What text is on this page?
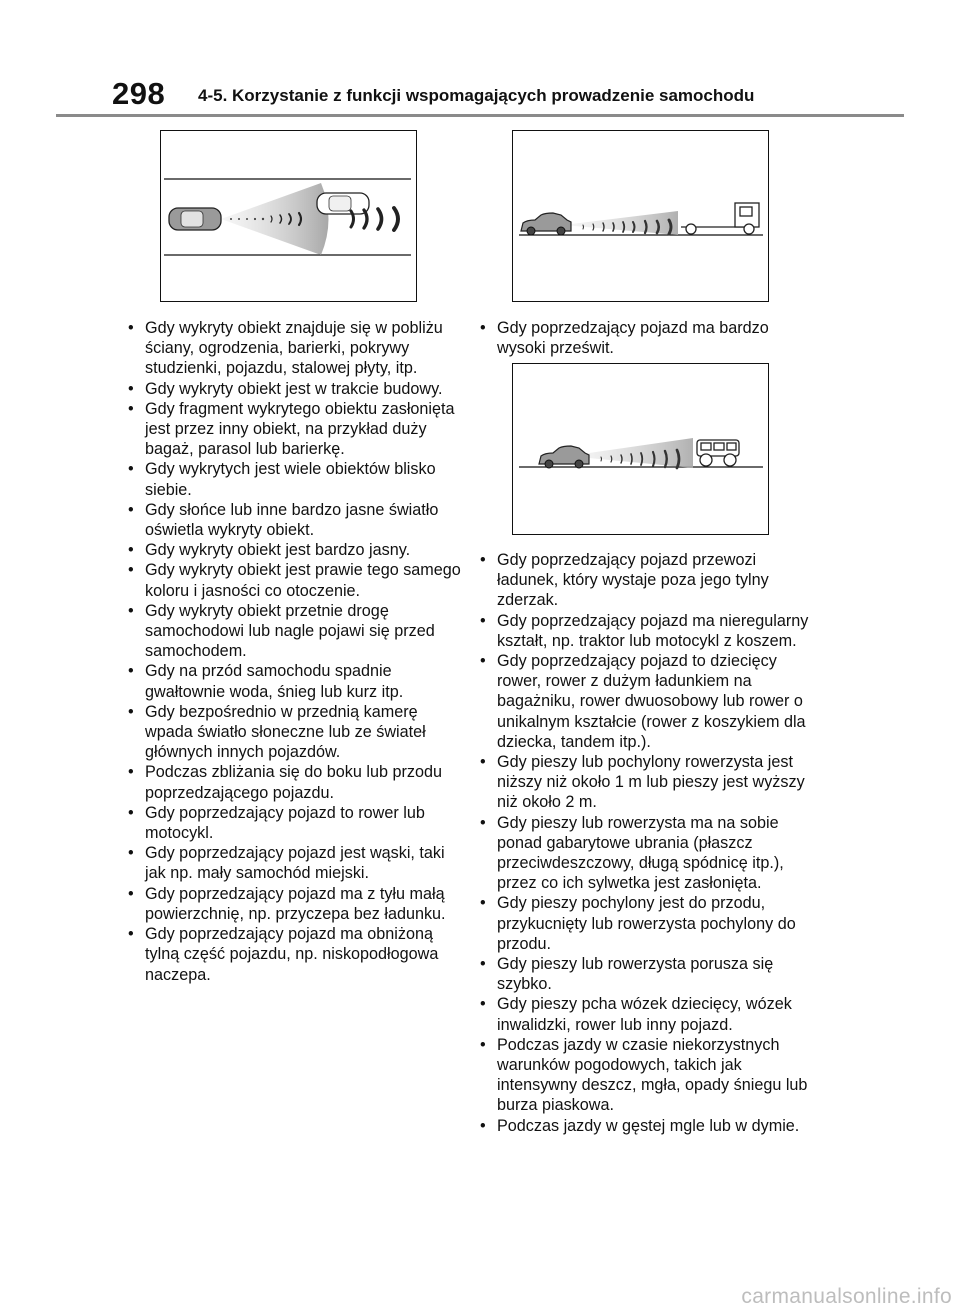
298 4-5. Korzystanie z funkcji wspomagających prowadzenie samochodu
• Gdy wykryty obiekt znajduje się w pobliżu ściany, ogrodzenia, barierki, pokrywy studzienki, pojazdu, stalowej płyty, itp.
• Gdy wykryty obiekt jest w trakcie budowy.
• Gdy fragment wykrytego obiektu zasłonięta jest przez inny obiekt, na przykład duży bagaż, parasol lub barierkę.
• Gdy wykrytych jest wiele obiektów blisko siebie.
• Gdy słońce lub inne bardzo jasne światło oświetla wykryty obiekt.
• Gdy wykryty obiekt jest bardzo jasny.
• Gdy wykryty obiekt jest prawie tego samego koloru i jasności co otoczenie.
• Gdy wykryty obiekt przetnie drogę samochodowi lub nagle pojawi się przed samochodem.
• Gdy na przód samochodu spadnie gwałtownie woda, śnieg lub kurz itp.
• Gdy bezpośrednio w przednią kamerę wpada światło słoneczne lub ze świateł głównych innych pojazdów.
• Podczas zbliżania się do boku lub przodu poprzedzającego pojazdu.
• Gdy poprzedzający pojazd to rower lub motocykl.
• Gdy poprzedzający pojazd jest wąski, taki jak np. mały samochód miejski.
• Gdy poprzedzający pojazd ma z tyłu małą powierzchnię, np. przyczepa bez ładunku.
• Gdy poprzedzający pojazd ma obniżoną tylną część pojazdu, np. niskopodłogowa naczepa.
• Gdy poprzedzający pojazd ma bardzo wysoki prześwit.
• Gdy poprzedzający pojazd przewozi ładunek, który wystaje poza jego tylny zderzak.
• Gdy poprzedzający pojazd ma nieregularny kształt, np. traktor lub motocykl z koszem.
• Gdy poprzedzający pojazd to dziecięcy rower, rower z dużym ładunkiem na bagażniku, rower dwuosobowy lub rower o unikalnym kształcie (rower z koszykiem dla dziecka, tandem itp.).
• Gdy pieszy lub pochylony rowerzysta jest niższy niż około 1 m lub pieszy jest wyższy niż około 2 m.
• Gdy pieszy lub rowerzysta ma na sobie ponad gabarytowe ubrania (płaszcz przeciwdeszczowy, długą spódnicę itp.), przez co ich sylwetka jest zasłonięta.
• Gdy pieszy pochylony jest do przodu, przykucnięty lub rowerzysta pochylony do przodu.
• Gdy pieszy lub rowerzysta porusza się szybko.
• Gdy pieszy pcha wózek dziecięcy, wózek inwalidzki, rower lub inny pojazd.
• Podczas jazdy w czasie niekorzystnych warunków pogodowych, takich jak intensywny deszcz, mgła, opady śniegu lub burza piaskowa.
• Podczas jazdy w gęstej mgle lub w dymie.
carmanualsonline.info
